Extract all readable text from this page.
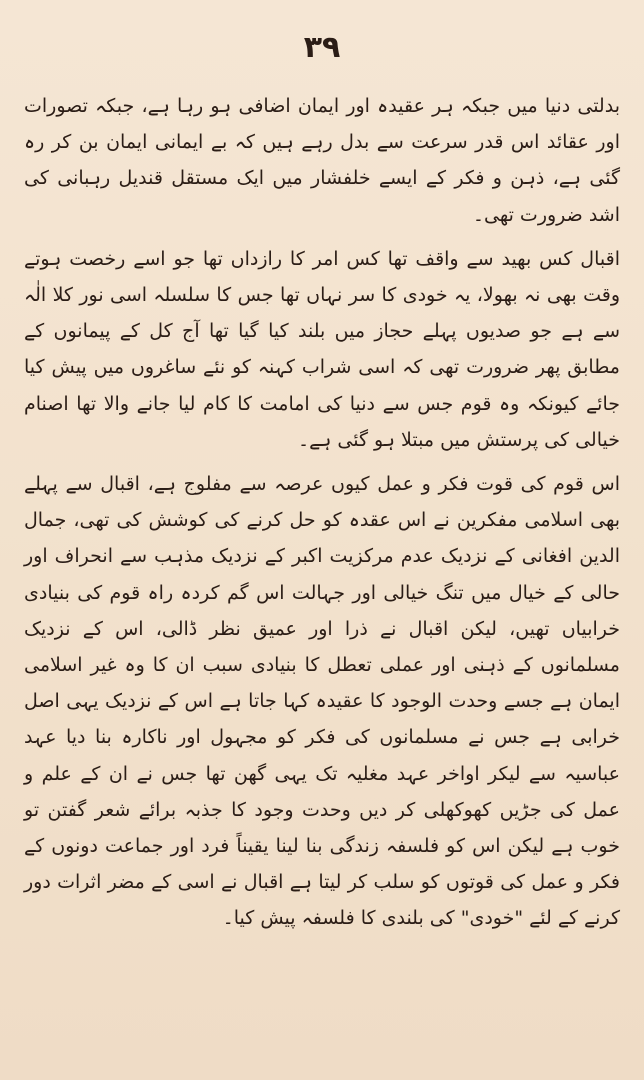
۳۹

بدلتی دنیا میں جبکہ ہر عقیدہ اور ایمان اضافی ہو رہا ہے، جبکہ تصورات اور عقائد اس قدر سرعت سے بدل رہے ہیں کہ بے ایمانی ایمان بن کر رہ گئی ہے، ذہن و فکر کے ایسے خلفشار میں ایک مستقل قندیل رہبانی کی اشد ضرورت تھی۔

اقبال کس بھید سے واقف تھا کس امر کا رازداں تھا جو اسے رخصت ہوتے وقت بھی نہ بھولا، یہ خودی کا سر نہاں تھا جس کا سلسلہ اسی نور کلا الٰہ سے ہے جو صدیوں پہلے حجاز میں بلند کیا گیا تھا آج کل کے پیمانوں کے مطابق پھر ضرورت تھی کہ اسی شراب کہنہ کو نئے ساغروں میں پیش کیا جائے کیونکہ وہ قوم جس سے دنیا کی امامت کا کام لیا جانے والا تھا اصنام خیالی کی پرستش میں مبتلا ہو گئی ہے۔

اس قوم کی قوت فکر و عمل کیوں عرصہ سے مفلوج ہے، اقبال سے پہلے بھی اسلامی مفکرین نے اس عقدہ کو حل کرنے کی کوشش کی تھی، جمال الدین افغانی کے نزدیک عدم مرکزیت اکبر کے نزدیک مذہب سے انحراف اور حالی کے خیال میں تنگ خیالی اور جہالت اس گم کردہ راہ قوم کی بنیادی خرابیاں تھیں، لیکن اقبال نے ذرا اور عمیق نظر ڈالی، اس کے نزدیک مسلمانوں کے ذہنی اور عملی تعطل کا بنیادی سبب ان کا وہ غیر اسلامی ایمان ہے جسے وحدت الوجود کا عقیدہ کہا جاتا ہے اس کے نزدیک یہی اصل خرابی ہے جس نے مسلمانوں کی فکر کو مجہول اور ناکارہ بنا دیا عہد عباسیہ سے لیکر اواخر عہد مغلیہ تک یہی گھن تھا جس نے ان کے علم و عمل کی جڑیں کھوکھلی کر دیں وحدت وجود کا جذبہ برائے شعر گفتن تو خوب ہے لیکن اس کو فلسفہ زندگی بنا لینا یقیناً فرد اور جماعت دونوں کے فکر و عمل کی قوتوں کو سلب کر لیتا ہے اقبال نے اسی کے مضر اثرات دور کرنے کے لئے "خودی" کی بلندی کا فلسفہ پیش کیا۔
